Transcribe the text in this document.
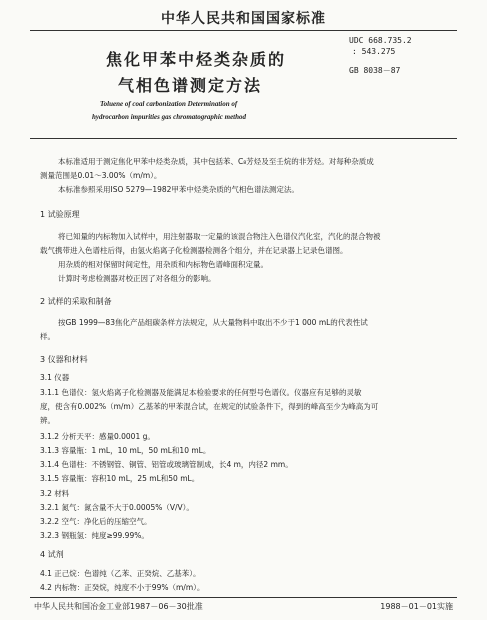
中华人民共和国国家标准
焦化甲苯中烃类杂质的
气相色谱测定方法
UDC 668.735.2
: 543.275
GB 8038－87
Toluene of coal carbonization Determination of
hydrocarbon impurities gas chromatographic method
本标准适用于测定焦化甲苯中烃类杂质，其中包括苯、C₈芳烃及至壬烷的非芳烃。对每种杂质成
测量范围是0.01～3.00%（m/m）。
本标准参照采用ISO 5279—1982甲苯中烃类杂质的气相色谱法测定法。
1 试验原理
将已知量的内标物加入试样中，用注射器取一定量的该混合物注入色谱仪汽化室，汽化的混合物被
载气携带进入色谱柱后得，由氢火焰离子化检测器检测各个组分，并在记录器上记录色谱图。
用杂质的相对保留时间定性，用杂质和内标物色谱峰面积定量。
计算时考虑检测器对校正因了对各组分的影响。
2 试样的采取和制备
按GB 1999—83焦化产品组碳条样方法规定，从大量物料中取出不少于1 000 mL的代表性试
样。
3 仪器和材料
3.1 仪器
3.1.1 色谱仪：氢火焰离子化检测器及能满足本检验要求的任何型号色谱仪。仪器应有足够的灵敏
度，使含有0.002%（m/m）乙基苯的甲苯混合试，在规定的试验条件下，得到的峰高至少为峰高为可
辨。
3.1.2 分析天平：感量0.0001 g。
3.1.3 容量瓶：1 mL，10 mL，50 mL和10 mL。
3.1.4 色谱柱：不锈钢管、铜管、铝管或玻璃管制成，长4 m，内径2 mm。
3.1.5 容量瓶：容积10 mL，25 mL和50 mL。
3.2 材料
3.2.1 氮气：氮含量不大于0.0005%（V/V）。
3.2.2 空气：净化后的压缩空气。
3.2.3 钢瓶氢：纯度≥99.99%。
4 试剂
4.1 正己烷：色谱纯（乙苯、正癸烷、乙基苯）。
4.2 内标物：正癸烷，纯度不小于99%（m/m）。
中华人民共和国冶金工业部1987－06－30批准	1988－01－01实施
